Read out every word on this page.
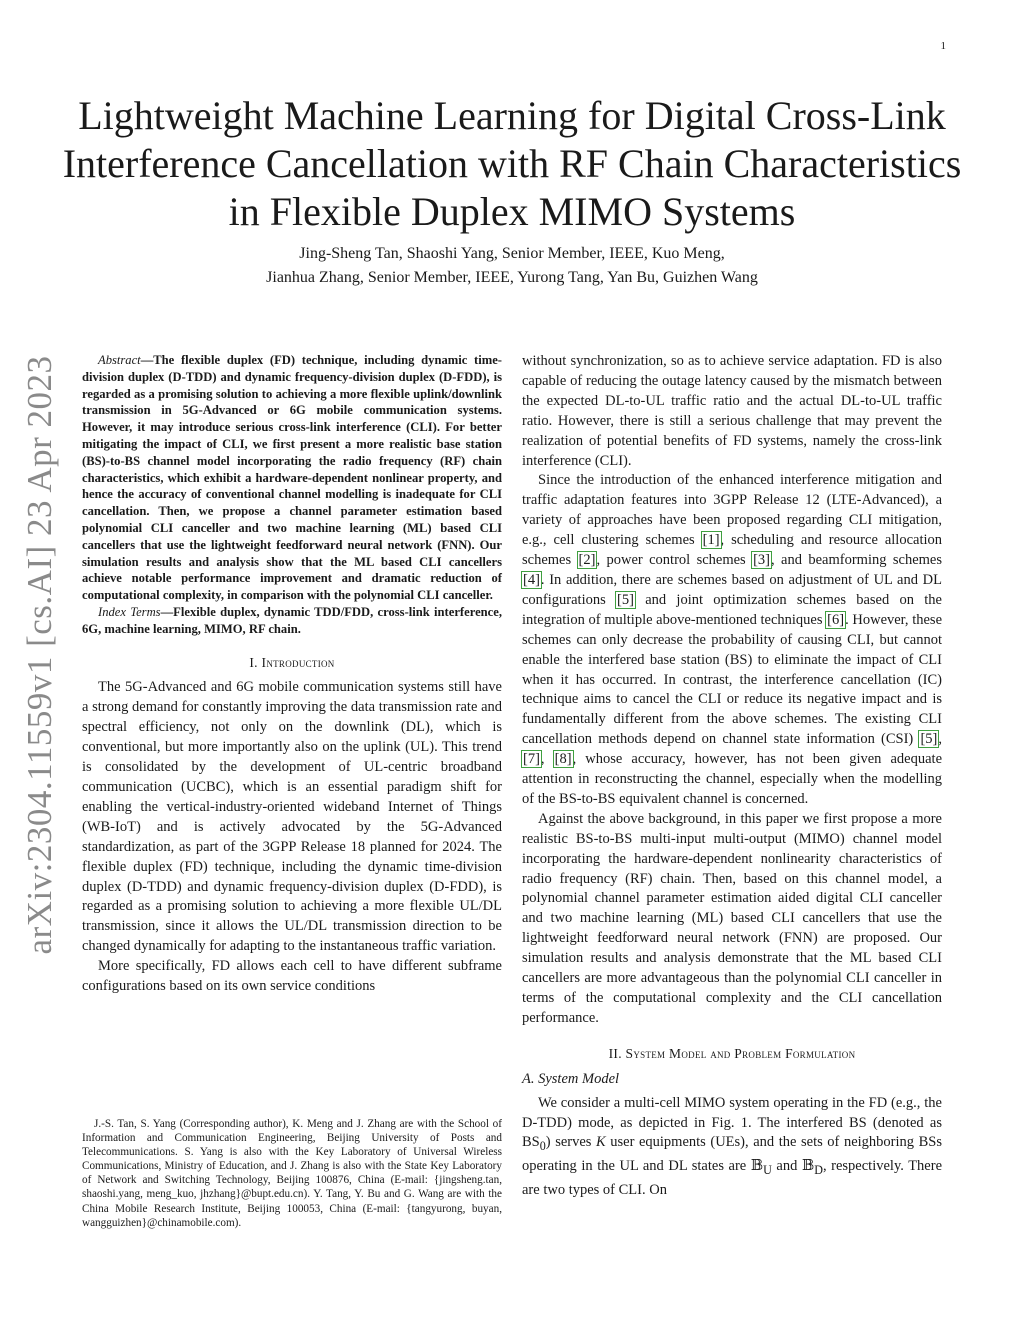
1
arXiv:2304.11559v1 [cs.AI] 23 Apr 2023
Lightweight Machine Learning for Digital Cross-Link Interference Cancellation with RF Chain Characteristics in Flexible Duplex MIMO Systems
Jing-Sheng Tan, Shaoshi Yang, Senior Member, IEEE, Kuo Meng,
Jianhua Zhang, Senior Member, IEEE, Yurong Tang, Yan Bu, Guizhen Wang

Abstract—The flexible duplex (FD) technique, including dynamic time-division duplex (D-TDD) and dynamic frequency-division duplex (D-FDD), is regarded as a promising solution to achieving a more flexible uplink/downlink transmission in 5G-Advanced or 6G mobile communication systems. However, it may introduce serious cross-link interference (CLI). For better mitigating the impact of CLI, we first present a more realistic base station (BS)-to-BS channel model incorporating the radio frequency (RF) chain characteristics, which exhibit a hardware-dependent nonlinear property, and hence the accuracy of conventional channel modelling is inadequate for CLI cancellation. Then, we propose a channel parameter estimation based polynomial CLI canceller and two machine learning (ML) based CLI cancellers that use the lightweight feedforward neural network (FNN). Our simulation results and analysis show that the ML based CLI cancellers achieve notable performance improvement and dramatic reduction of computational complexity, in comparison with the polynomial CLI canceller.

Index Terms—Flexible duplex, dynamic TDD/FDD, cross-link interference, 6G, machine learning, MIMO, RF chain.

I. Introduction

The 5G-Advanced and 6G mobile communication systems still have a strong demand for constantly improving the data transmission rate and spectral efficiency, not only on the downlink (DL), which is conventional, but more importantly also on the uplink (UL). This trend is consolidated by the development of UL-centric broadband communication (UCBC), which is an essential paradigm shift for enabling the vertical-industry-oriented wideband Internet of Things (WB-IoT) and is actively advocated by the 5G-Advanced standardization, as part of the 3GPP Release 18 planned for 2024. The flexible duplex (FD) technique, including the dynamic time-division duplex (D-TDD) and dynamic frequency-division duplex (D-FDD), is regarded as a promising solution to achieving a more flexible UL/DL transmission, since it allows the UL/DL transmission direction to be changed dynamically for adapting to the instantaneous traffic variation.

More specifically, FD allows each cell to have different subframe configurations based on its own service conditions

J.-S. Tan, S. Yang (Corresponding author), K. Meng and J. Zhang are with the School of Information and Communication Engineering, Beijing University of Posts and Telecommunications. S. Yang is also with the Key Laboratory of Universal Wireless Communications, Ministry of Education, and J. Zhang is also with the State Key Laboratory of Network and Switching Technology, Beijing 100876, China (E-mail: {jingsheng.tan, shaoshi.yang, meng_kuo, jhzhang}@bupt.edu.cn). Y. Tang, Y. Bu and G. Wang are with the China Mobile Research Institute, Beijing 100053, China (E-mail: {tangyurong, buyan, wangguizhen}@chinamobile.com).

without synchronization, so as to achieve service adaptation. FD is also capable of reducing the outage latency caused by the mismatch between the expected DL-to-UL traffic ratio and the actual DL-to-UL traffic ratio. However, there is still a serious challenge that may prevent the realization of potential benefits of FD systems, namely the cross-link interference (CLI).

Since the introduction of the enhanced interference mitigation and traffic adaptation features into 3GPP Release 12 (LTE-Advanced), a variety of approaches have been proposed regarding CLI mitigation, e.g., cell clustering schemes [1], scheduling and resource allocation schemes [2], power control schemes [3], and beamforming schemes [4]. In addition, there are schemes based on adjustment of UL and DL configurations [5] and joint optimization schemes based on the integration of multiple above-mentioned techniques [6]. However, these schemes can only decrease the probability of causing CLI, but cannot enable the interfered base station (BS) to eliminate the impact of CLI when it has occurred. In contrast, the interference cancellation (IC) technique aims to cancel the CLI or reduce its negative impact and is fundamentally different from the above schemes. The existing CLI cancellation methods depend on channel state information (CSI) [5], [7], [8], whose accuracy, however, has not been given adequate attention in reconstructing the channel, especially when the modelling of the BS-to-BS equivalent channel is concerned.

Against the above background, in this paper we first propose a more realistic BS-to-BS multi-input multi-output (MIMO) channel model incorporating the hardware-dependent nonlinearity characteristics of radio frequency (RF) chain. Then, based on this channel model, a polynomial channel parameter estimation aided digital CLI canceller and two machine learning (ML) based CLI cancellers that use the lightweight feedforward neural network (FNN) are proposed. Our simulation results and analysis demonstrate that the ML based CLI cancellers are more advantageous than the polynomial CLI canceller in terms of the computational complexity and the CLI cancellation performance.

II. System Model and Problem Formulation
A. System Model

We consider a multi-cell MIMO system operating in the FD (e.g., the D-TDD) mode, as depicted in Fig. 1. The interfered BS (denoted as $BS_0$) serves K user equipments (UEs), and the sets of neighboring BSs operating in the UL and DL states are 𝔹$_U$ and 𝔹$_D$, respectively. There are two types of CLI. On
